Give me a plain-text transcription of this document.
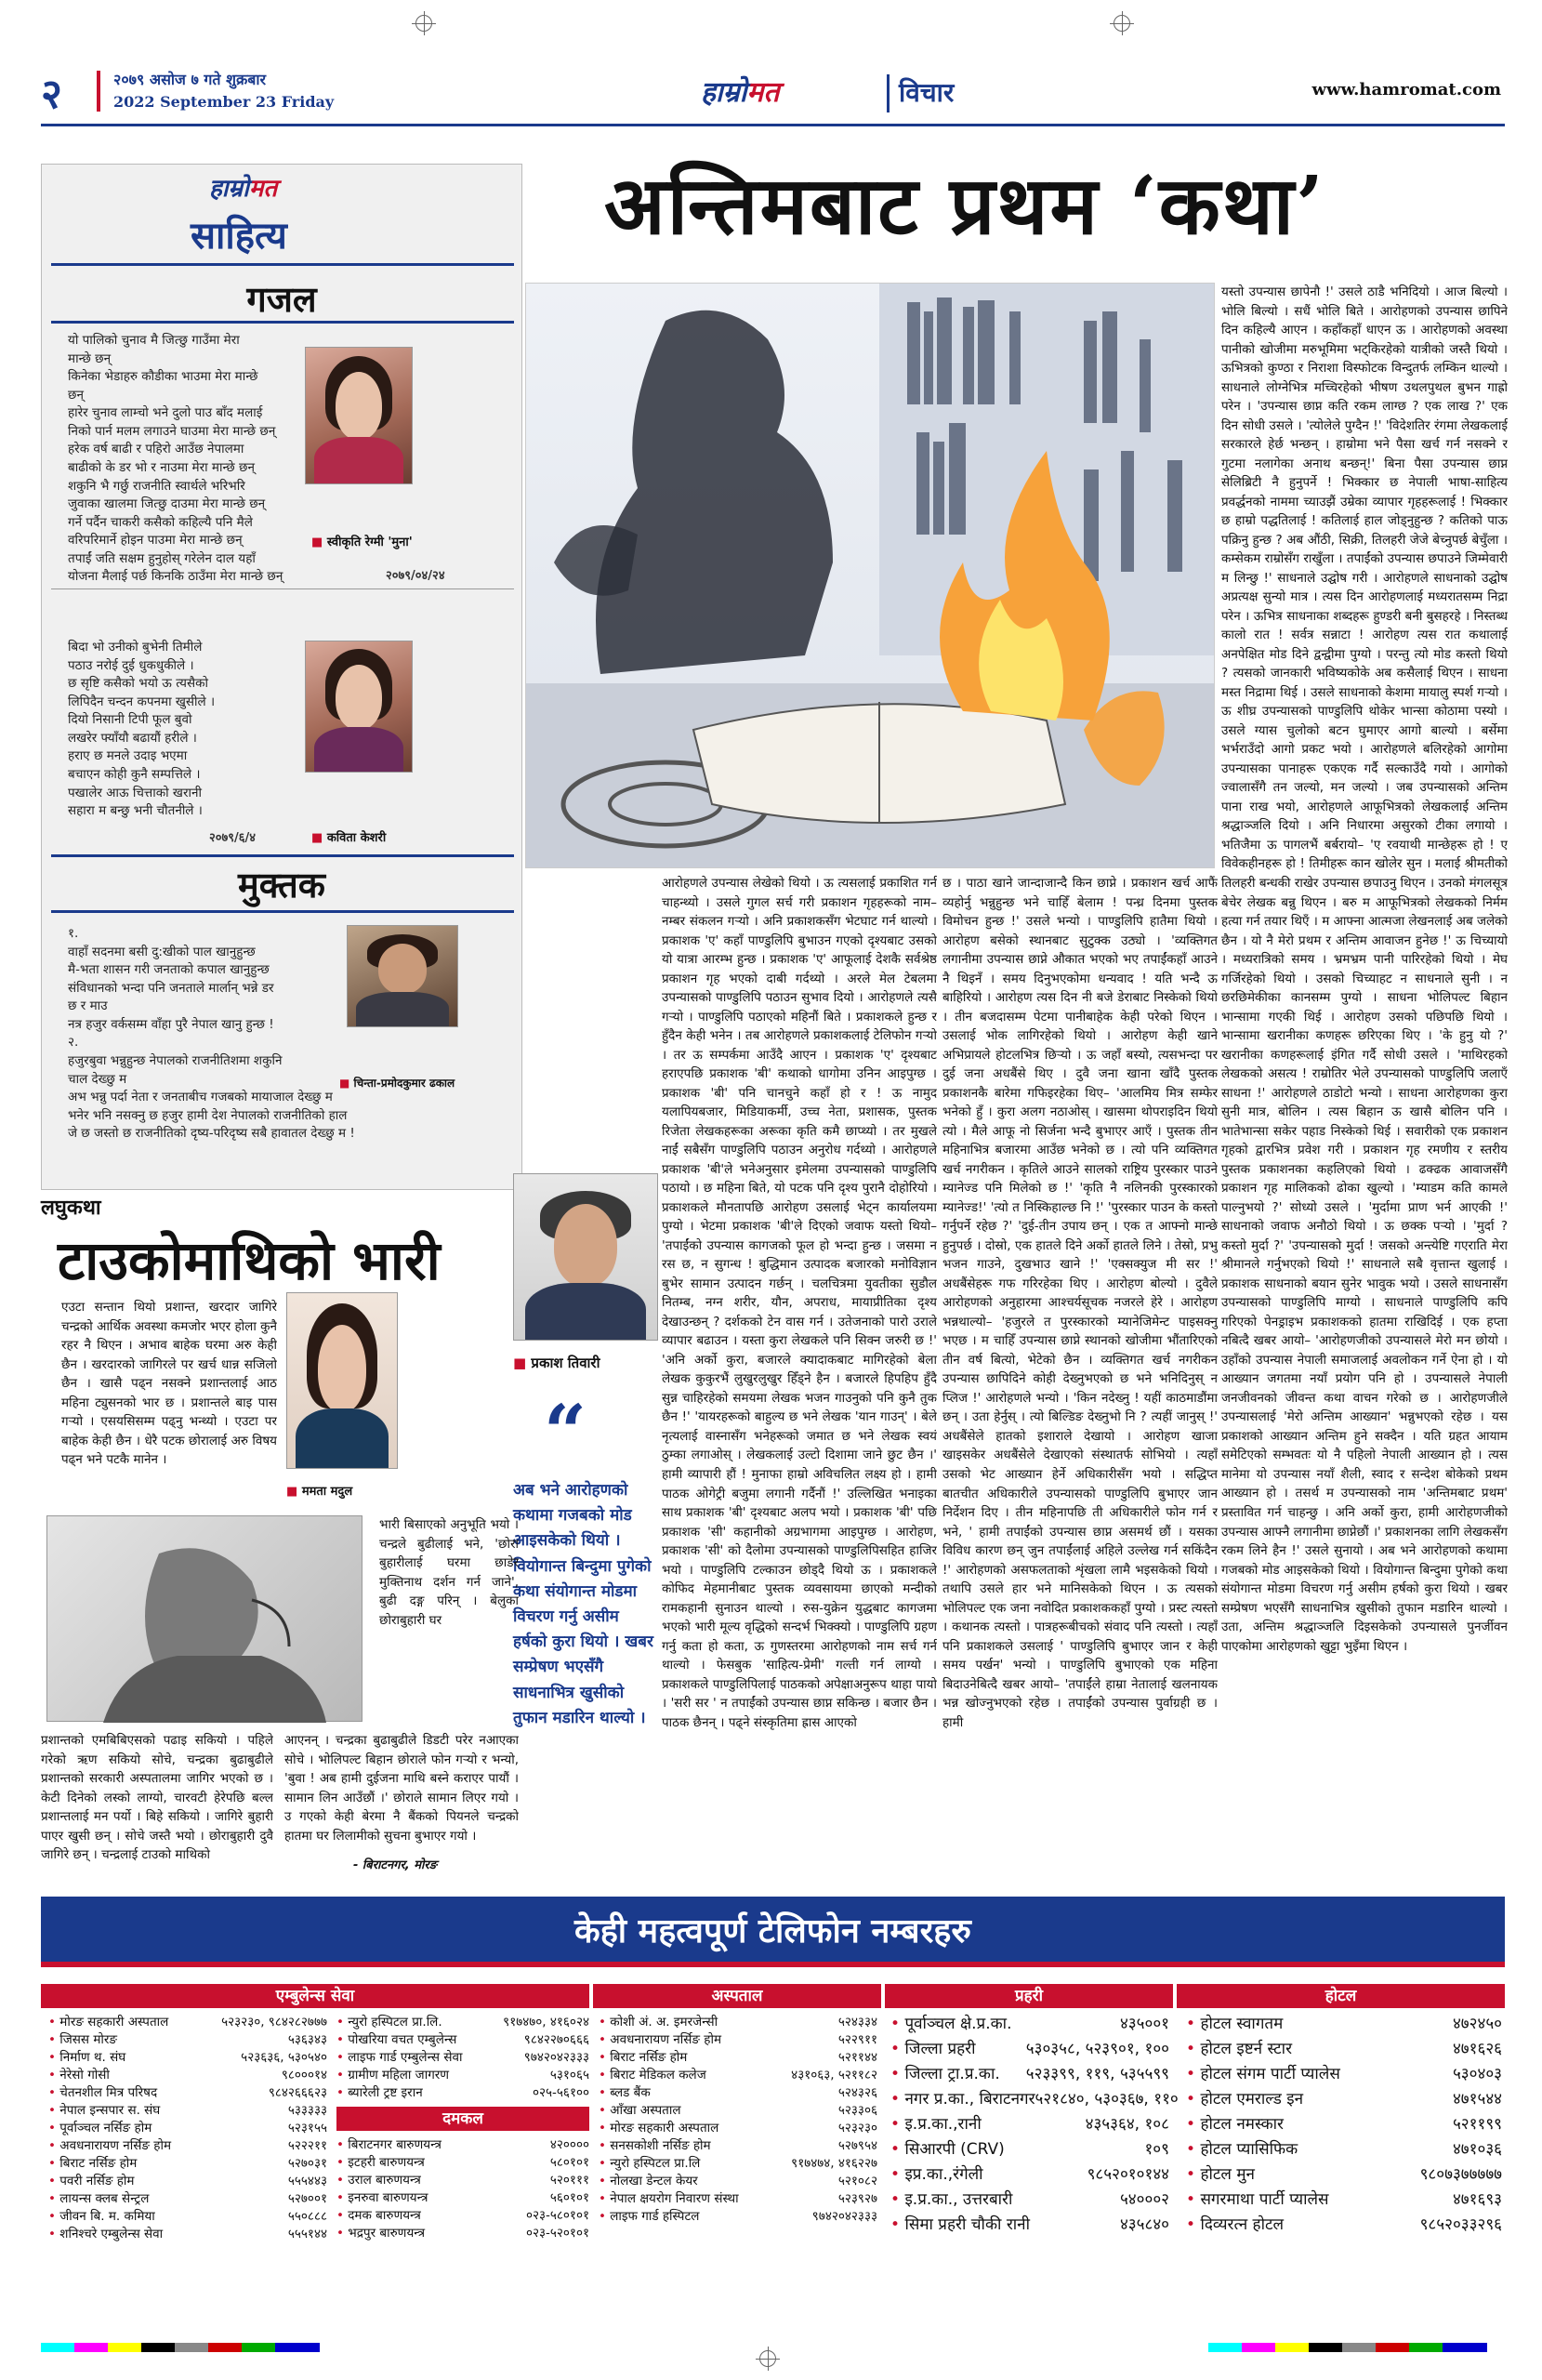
२	२०७९ असोज ७ गते शुक्रबार
2022 September 23 Friday	हाम्रोमत	विचार	www.hamromat.com
हाम्रोमत
साहित्य
गजल
यो पालिको चुनाव मै जित्छु गाउँमा मेरा
मान्छे छन्
किनेका भेडाहरु कौडीका भाउमा मेरा मान्छे
छन्
हारेर चुनाव लाम्चो भने दुलो पाउ बाँद मलाई
निको पार्न मलम लगाउने घाउमा मेरा मान्छे छन्
हरेक वर्ष बाढी र पहिरो आउँछ नेपालमा
बाढीको के डर भो र नाउमा मेरा मान्छे छन्
शकुनि भै गर्छु राजनीति स्वार्थले भरिभरि
जुवाका खालमा जित्छु दाउमा मेरा मान्छे छन्
गर्ने पर्दैन चाकरी कसैको कहिल्यै पनि मैले
वरिपरिमार्ने होइन पाउमा मेरा मान्छे छन्
तपाईं जति सक्षम हुनुहोस् गरेलेन दाल यहाँ
योजना मैलाई पर्छ किनकि ठाउँमा मेरा मान्छे छन्
■ स्वीकृति रेग्मी 'मुना'
२०७९/०४/२४
बिदा भो उनीको बुभेनी तिमीले
पठाउ नरोई दुई धुकधुकीले ।
छ सृष्टि कसैको भयो ऊ त्यसैको
लिपिदैन चन्दन कपनमा खुसीले ।
दियो निसानी टिपी फूल बुवो
लखरेर फ्याँयौ बढायौं हरीले ।
हराए छ मनले उदाइ भएमा
बचाएन कोही कुनै सम्पत्तिले ।
पखालेर आऊ चित्ताको खरानी
सहारा म बन्छु भनी चौतनीले ।
■ कविता केशरी
२०७९/६/४
मुक्तक
१.
वाहाँ सदनमा बसी दु:खीको पाल खानुहुन्छ
मै-भता शासन गरी जनताको कपाल खानुहुन्छ
संविधानको भन्दा पनि जनताले मार्लान् भन्ने डर
छ र माउ
नत्र हजुर वर्कसम्म वाँहा पुरै नेपाल खानु हुन्छ !
२.
हजुरबुवा भन्नुहुन्छ नेपालको राजनीतिशमा शकुनि
चाल देख्छु म
अभ भन्नु पर्दा नेता र जनताबीच गजबको मायाजाल देख्छु म
भनेर भनि नसक्नु छ हजुर हामी देश नेपालको राजनीतिको हाल
जे छ जस्तो छ राजनीतिको दृष्य-परिदृष्य सबै हावातल देख्छु म !
■ चिन्ता-प्रमोदकुमार ढकाल
अन्तिमबाट प्रथम ‘कथा’
यस्तो उपन्यास छापेनौ !' उसले ठाडै भनिदियो । आज बिल्यो । भोलि बिल्यो । सधैं भोलि बिते । आरोहणको उपन्यास छापिने दिन कहिल्यै आएन । कहाँकहाँ धाएन ऊ । आरोहणको अवस्था पानीको खोजीमा मरुभूमिमा भट्किरहेको यात्रीको जस्तै थियो । ऊभित्रको कुण्ठा र निराशा विस्फोटक विन्दुतर्फ लम्किन थाल्यो । साधनाले लोग्नेभित्र मच्चिरहेको भीषण उथलपुथल बुभन गाह्रो परेन । 'उपन्यास छाप्न कति रकम लाग्छ ? एक लाख ?' एक दिन सोधी उसले । 'त्योलेले पुग्दैन !' 'विदेशतिर रंगमा लेखकलाई सरकारले हेर्छ भन्छन् । हाम्रोमा भने पैसा खर्च गर्न नसक्ने र गुटमा नलागेका अनाथ बन्छन्!' बिना पैसा उपन्यास छाप्न सेलिब्रिटी नै हुनुपर्ने ! भिक्कार छ नेपाली भाषा-साहित्य प्रवर्द्धनको नाममा च्याउझैं उम्रेका व्यापार गृहहरूलाई ! भिक्कार छ हाम्रो पद्धतिलाई ! कतिलाई हाल जोड्नुहुन्छ ? कतिको पाऊ पक्रिनु हुन्छ ? अब औंठी, सिक्री, तिलहरी जेजे बेच्नुपर्छ बेचुँला । कम्सेकम राम्रोसँग राखुँला । तपाईंको उपन्यास छपाउने जिम्मेवारी म लिन्छु !' साधनाले उद्घोष गरी । आरोहणले साधनाको उद्घोष अप्रत्यक्ष सुन्यो मात्र । त्यस दिन आरोहणलाई मध्यरातसम्म निद्रा परेन । ऊभित्र साधनाका शब्दहरू हुण्डरी बनी बुसहरहे । निस्तब्ध कालो रात ! सर्वत्र सन्नाटा ! आरोहण त्यस रात कथालाई अनपेक्षित मोड दिने द्वन्द्वीमा पुग्यो । परन्तु त्यो मोड कस्तो थियो ? त्यसको जानकारी भविष्यकोके अब कसैलाई थिएन । साधना मस्त निद्रामा थिई । उसले साधनाको केशमा मायालु स्पर्श गऱ्यो । ऊ शीघ्र उपन्यासको पाण्डुलिपि थोकेर भान्सा कोठामा पस्यो । उसले ग्यास चुलोको बटन घुमाएर आगो बाल्यो । बर्सेमा भर्भराउँदो आगो प्रकट भयो । आरोहणले बलिरहेको आगोमा उपन्यासका पानाहरू एकएक गर्दै सल्काउँदै गयो । आगोको ज्वालासँगै तन जल्यो, मन जल्यो । जब उपन्यासको अन्तिम पाना राख भयो, आरोहणले आफूभित्रको लेखकलाई अन्तिम श्रद्धाञ्जलि दियो । अनि निधारमा असुरको टीका लगायो । भतिजैमा ऊ पागलभैं बर्बरायो– 'ए रवयाथी मान्छेहरू हो ! ए विवेकहीनहरू हो ! तिमीहरू कान खोलेर सुन । मलाई श्रीमतीको तिलहरी बन्धकी राखेर उपन्यास छपाउनु थिएन । उनको मंगलसूत्र बेचेर लेखक बन्नु थिएन । बरु म आफूभित्रको लेखकको निर्मम हत्या गर्न तयार थिएँ । म आफ्ना आत्मजा लेखनलाई अब जलेको छैन । यो नै मेरो प्रथम र अन्तिम आवाजन हुनेछ !' ऊ चिच्यायो । मध्यरात्रिको समय । भ्रमभ्रम पानी पारिरहेको थियो । मेघ गर्जिरहेको थियो । उसको चिच्याहट न साधनाले सुनी । न छरछिमेकीका कानसम्म पुग्यो । साधना भोलिपल्ट बिहान भान्सामा गएकी थिई । आरोहण उसको पछिपछि थियो । भान्सामा खरानीका कणहरू छरिएका थिए । 'के हुनु यो ?' खरानीका कणहरूलाई इंगित गर्दै सोधी उसले । 'माथिरहको लेखकको असत्य ! राम्रोतिर भेले उपन्यासको पाण्डुलिपि जलाएँ साधना !' आरोहणले ठाडोटो भन्यो । साधना आरोहणका कुरा सुनी मात्र, बोलिन । त्यस बिहान ऊ खासै बोलिन पनि । भातेभान्सा सकेर पहाड निस्केको थिई । सवारीको एक प्रकाशन गृहको द्वारभित्र प्रवेश गरी । प्रकाशन गृह रमणीय र स्तरीय पुस्तक प्रकाशनका कहलिएको थियो । ढक्ढक आवाजसँगै प्रकाशन गृह मालिकको ढोका खुल्यो । 'म्याडम कति कामले पाल्नुभयो ?' सोध्यो उसले । 'मुर्दामा प्राण भर्न आएकी !' साधनाको जवाफ अनौठो थियो । ऊ छक्क पऱ्यो । 'मुर्दा ? कस्तो मुर्दा ?' 'उपन्यासको मुर्दा ! जसको अन्त्येष्टि गएराति मेरा श्रीमानले गर्नुभएको थियो !' साधनाले सबै वृत्तान्त खुलाई । प्रकाशक साधनाको बयान सुनेर भावुक भयो । उसले साधनासँग उपन्यासको पाण्डुलिपि माग्यो । साधनाले पाण्डुलिपि कपि गरिएको पेनड्राइभ प्रकाशकको हातमा राखिदिई । एक हप्ता नबित्दै खबर आयो– 'आरोहणजीको उपन्यासले मेरो मन छोयो । उहाँको उपन्यास नेपाली समाजलाई अवलोकन गर्ने ऐना हो । यो आख्यान जगतमा नयाँ प्रयोग पनि हो । उपन्यासले नेपाली जनजीवनको जीवन्त कथा वाचन गरेको छ । आरोहणजीले उपन्यासलाई 'मेरो अन्तिम आख्यान' भन्नुभएको रहेछ । यस प्रकाशको आख्यान अन्तिम हुने सक्दैन । यति ग्रहत आयाम समेटिएको सम्भवतः यो नै पहिलो नेपाली आख्यान हो । त्यस मानेमा यो उपन्यास नयाँ शैली, स्वाद र सन्देश बोकेको प्रथम आख्यान हो । तसर्थ म उपन्यासको नाम 'अन्तिमबाट प्रथम' प्रस्तावित गर्न चाहन्छु । अनि अर्को कुरा, हामी आरोहणजीको उपन्यास आफ्नै लगानीमा छाप्नेछौं ।' प्रकाशनका लागि लेखकसँग रकम लिने हैन !' उसले सुनायो । अब भने आरोहणको कथामा गजबको मोड आइसकेको थियो । वियोगान्त बिन्दुमा पुगेको कथा संयोगान्त मोडमा विचरण गर्नु असीम हर्षको कुरा थियो । खबर सम्प्रेषण भएसँगै साधनाभित्र खुसीको तुफान मडारिन थाल्यो । उता, अन्तिम श्रद्धाञ्जलि दिइसकेको उपन्यासले पुनर्जीवन पाएकोमा आरोहणको खुट्टा भुइँमा थिएन ।
आरोहणले उपन्यास लेखेको थियो । ऊ त्यसलाई प्रकाशित गर्न चाहन्थ्यो । उसले गुगल सर्च गरी प्रकाशन गृहहरूको नाम–नम्बर संकलन गऱ्यो । अनि प्रकाशकसँग भेटघाट गर्न थाल्यो । प्रकाशक 'ए' कहाँ पाण्डुलिपि बुभाउन गएको दृश्यबाट उसको यो यात्रा आरम्भ हुन्छ । प्रकाशक 'ए' आफूलाई देशकै सर्वश्रेष्ठ प्रकाशन गृह भएको दाबी गर्दथ्यो । अरले मेल टेबलमा उपन्यासको पाण्डुलिपि पठाउन सुभाव दियो । आरोहणले त्यसै गऱ्यो । पाण्डुलिपि पठाएको महिनौं बिते । प्रकाशकले हुन्छ र हुँदैन केही भनेन । तब आरोहणले प्रकाशकलाई टेलिफोन गऱ्यो । तर ऊ सम्पर्कमा आउँदै आएन । प्रकाशक 'ए' दृश्यबाट हराएपछि प्रकाशक 'बी' कथाको धागोमा उनिन आइपुग्छ । प्रकाशक 'बी' पनि चानचुने कहाँ हो र ! ऊ नामुद यलापियबजार, मिडियाकर्मी, उच्च नेता, प्रशासक, पुस्तक रिजेता लेखकहरूका अरूका कृति कमै छाप्थ्यो । तर मुखले नाईं सबैसँग पाण्डुलिपि पठाउन अनुरोध गर्दथ्यो । आरोहणले प्रकाशक 'बी'ले भनेअनुसार इमेलमा उपन्यासको पाण्डुलिपि पठायो । छ महिना बिते, यो पटक पनि दृश्य पुरानै दोहोरियो । प्रकाशकले मौनतापछि आरोहण उसलाई भेट्न कार्यालयमा पुग्यो । भेटमा प्रकाशक 'बी'ले दिएको जवाफ यस्तो थियो– 'तपाईंको उपन्यास कागजको फूल हो भन्दा हुन्छ । जसमा न रस छ, न सुगन्ध ! बुद्धिमान उत्पादक बजारको मनोविज्ञान बुभेर सामान उत्पादन गर्छन् । चलचित्रमा युवतीका सुडौल नितम्ब, नग्न शरीर, यौन, अपराध, मायाप्रीतिका दृश्य देखाउन्छन् ? दर्शकको टेन वास गर्न । उतेजनाको पारो उराले व्यापार बढाउन । यस्ता कुरा लेखकले पनि सिक्न जरुरी छ !' 'अनि अर्को कुरा, बजारले क्यादाकबाट मागिरहेको बेला लेखक कुकुरभैं लुखुरलुखुर हिँड्ने हैन । बजारले हिपहिप हुँदै सुन्न चाहिरहेको समयमा लेखक भजन गाउनुको पनि कुनै तुक छैन !' 'यायरहरूको बाहुल्य छ भने लेखक 'यान गाउन्' । बेले नृत्यलाई वास्नासँग भनेहरूको जमात छ भने लेखक स्वयं ठुम्का लगाओस् । लेखकलाई उल्टो दिशामा जाने छुट छैन ।' हामी व्यापारी हौं ! मुनाफा हाम्रो अविचलित लक्ष्य हो । हामी पाठक ओगेट्री बजुमा लगानी गर्दैनौं !' उल्लिखित भनाइका साथ प्रकाशक 'बी' दृश्यबाट अलप भयो । प्रकाशक 'बी' पछि प्रकाशक 'सी' कहानीको अग्रभागमा आइपुग्छ । आरोहण, प्रकाशक 'सी' को दैलोमा उपन्यासको पाण्डुलिपिसहित हाजिर भयो । पाण्डुलिपि टल्काउन छोड्दै थियो ऊ । प्रकाशकले कोफिद मेहमानीबाट पुस्तक व्यवसायमा छाएको मन्दीको रामकहानी सुनाउन थाल्यो । रुस-युक्रेन युद्धबाट कागजमा भएको भारी मूल्य वृद्धिको सन्दर्भ भिक्क्यो । पाण्डुलिपि ग्रहण गर्नु कता हो कता, ऊ गुणस्तरमा आरोहणको नाम सर्च गर्न थाल्यो । फेसबुक 'साहित्य-प्रेमी' गल्ती गर्न लाग्यो । प्रकाशकले पाण्डुलिपिलाई पाठकको अपेक्षाअनुरूप थाहा पायो । 'सरी सर ' न तपाईंको उपन्यास छाप्न सकिन्छ । बजार छैन । पाठक छैनन् । पढ्ने संस्कृतिमा ह्रास आएको
छ । पाठा खाने जान्दाजान्दै किन छाप्ने । प्रकाशन खर्च आफैं व्यहोर्नु भन्नुहुन्छ भने चाहिँ बेलाम ! पन्ध्र दिनमा पुस्तक विमोचन हुन्छ !' उसले भन्यो । पाण्डुलिपि हातैमा थियो । आरोहण बसेको स्थानबाट सुटुक्क उठ्यो । 'व्यक्तिगत लगानीमा उपन्यास छाप्ने औकात भएको भए तपाईंकहाँ आउने नै थिइनँ । समय दिनुभएकोमा धन्यवाद ! यति भन्दै ऊ बाहिरियो । आरोहण त्यस दिन नी बजे डेराबाट निस्केको थियो । तीन बजदासम्म पेटमा पानीबाहेक केही परेको थिएन । उसलाई भोक लागिरहेको थियो । आरोहण केही खाने अभिप्रायले होटलभित्र छिऱ्यो । ऊ जहाँ बस्यो, त्यसभन्दा पर दुई जना अधबैंसे थिए । दुवै जना खाना खाँदै पुस्तक प्रकाशनकै बारेमा गफिइरहेका थिए– 'आलमिय मित्र सम्फेर भनेको हुँ । कुरा अलग नठाओस् । खासमा थोपराइदिन थियो त्यो । मैले आफू नो सिर्जना भन्दै बुभाएर आएँ । पुस्तक तीन महिनाभित्र बजारमा आउँछ भनेको छ । त्यो पनि व्यक्तिगत खर्च नगरीकन । कृतिले आउने सालको राष्ट्रिय पुरस्कार पाउने म्यानेज्ड पनि मिलेको छ !' 'कृति नै नलिनकी पुरस्कारको म्यानेज्ड!' 'त्यो त निस्किहाल्छ नि !' 'पुरस्कार पाउन के कस्तो गर्नुपर्ने रहेछ ?' 'दुई-तीन उपाय छन् । एक त आफ्नो मान्छे हुनुपर्छ । दोस्रो, एक हातले दिने अर्को हातले लिने । तेस्रो, प्रभु भजन गाउने, दुखभाउ खाने !' 'एक्सक्युज मी सर !' अधबैंसेहरू गफ गरिरहेका थिए । आरोहण बोल्यो । दुवैले आरोहणको अनुहारमा आश्चर्यसूचक नजरले हेरे । आरोहण भन्नथाल्यो– 'हजुरले त पुरस्कारको म्यानेजिमेन्ट पाइसक्नु भएछ । म चाहिँ उपन्यास छाप्ने स्थानको खोजीमा भौंतारिएको तीन वर्ष बित्यो, भेटेको छैन । व्यक्तिगत खर्च नगरीकन उपन्यास छापिदिने कोही देख्नुभएको छ भने भनिदिनुस् न प्लिज !' आरोहणले भन्यो । 'किन नदेख्नु ! यहीं काठमाडौंमा छन् । उता हेर्नुस् । त्यो बिल्डिङ देख्नुभो नि ? त्यहीं जानुस् !' अधबैंसेले हातको इशाराले देखायो । आरोहण खाजा खाइसकेर अधबैंसेले देखाएको संस्थातर्फ सोभियो । त्यहाँ उसको भेट आख्यान हेर्ने अधिकारीसँग भयो । सद्धिप्त बातचीत अधिकारीले उपन्यासको पाण्डुलिपि बुभाएर जान निर्देशन दिए । तीन महिनापछि ती अधिकारीले फोन गर्न र भने, ' हामी तपाईंको उपन्यास छाप्न असमर्थ छौं । यसका विविध कारण छन् जुन तपाईंलाई अहिले उल्लेख गर्न सकिंदैन !' आरोहणको असफलताको शृंखला लामै भइसकेको थियो । तथापि उसले हार भने मानिसकेको थिएन । ऊ त्यसको भोलिपल्ट एक जना नवोदित प्रकाशककहाँ पुग्यो । प्रस्ट त्यस्तो । कथानक त्यस्तो । पात्रहरूबीचको संवाद पनि त्यस्तो । त्यहाँ पनि प्रकाशकले उसलाई ' पाण्डुलिपि बुभाएर जान र केही समय पर्खन' भन्यो । पाण्डुलिपि बुभाएको एक महिना बिदाउनेबित्दै खबर आयो– 'तपाईंले हाम्रा नेतालाई खलनायक भन्न खोज्नुभएको रहेछ । तपाईंको उपन्यास पुर्वाग्रही छ । हामी
■ प्रकाश तिवारी
“
अब भने आरोहणको कथामा गजबको मोड आइसकेको थियो । वियोगान्त बिन्दुमा पुगेको कथा संयोगान्त मोडमा विचरण गर्नु असीम हर्षको कुरा थियो । खबर सम्प्रेषण भएसँगै साधनाभित्र खुसीको तुफान मडारिन थाल्यो ।
लघुकथा
टाउकोमाथिको भारी
एउटा सन्तान थियो प्रशान्त, खरदार जागिरे चन्द्रको आर्थिक अवस्था कमजोर भएर होला कुनै रहर नै थिएन । अभाव बाहेक घरमा अरु केही छैन । खरदारको जागिरले पर खर्च धान्न सजिलो छैन । खासै पढ्न नसक्ने प्रशान्तलाई आठ महिना ट्युसनको भार छ । प्रशान्तले बाइ पास गऱ्यो । एसयसिसम्म पढ्नु भन्थ्यो । एउटा पर बाहेक केही छैन । धेरै पटक छोरालाई अरु विषय पढ्न भने पटकै मानेन ।
■ ममता मदुल
भारी बिसाएको अनुभूति भयो । चन्द्रले बुढीलाई भने, 'छोरा बुहारीलाई घरमा छाडेर मुक्तिनाथ दर्शन गर्न जाने', बुढी दङ्ग परिन् । बेलुका छोराबुहारी घर
प्रशान्तको एमबिबिएसको पढाइ सकियो । पहिले गरेको ऋण सकियो सोचे, चन्द्रका बुढाबुढीले प्रशान्तको सरकारी अस्पतालमा जागिर भएको छ । केटी दिनेको लस्को लाग्यो, चारवटी हेरेपछि बल्ल प्रशान्तलाई मन पर्यो । बिहे सकियो । जागिरे बुहारी पाएर खुसी छन् । सोचे जस्तै भयो । छोराबुहारी दुवै जागिरे छन् । चन्द्रलाई टाउको माथिको
आएनन् । चन्द्रका बुढाबुढीले डिडटी परेर नआएका सोचे । भोलिपल्ट बिहान छोराले फोन गऱ्यो र भन्यो, 'बुवा ! अब हामी दुईजना माथि बस्ने कराएर पायौं । सामान लिन आउँछौं ।' छोराले सामान लिएर गयो । उ गएको केही बेरमा नै बैंकको पियनले चन्द्रको हातमा घर लिलामीको सुचना बुभाएर गयो ।
- बिराटनगर, मोरङ
केही महत्वपूर्ण टेलिफोन नम्बरहरु
एम्बुलेन्स सेवा	अस्पताल	प्रहरी	होटल
• मोरङ सहकारी अस्पताल	५२३२३०, ९८४२८२७७७
• जिसस मोरङ	५३६३४३
• निर्माण थ. संघ	५२३६३६, ५३०५४०
• नेरेसो गोसी	९८०००१४
• चेतनशील मित्र परिषद	९८४२६६६२३
• नेपाल इन्सपार स. संघ	५३३३३३
• पूर्वाञ्चल नर्सिङ होम	५२३१५५
• अवधनारायण नर्सिङ होम	५२२२११
• बिराट नर्सिङ होम	५२७०३१
• पवरी नर्सिङ होम	५५५४४३
• लायन्स क्लब सेन्ट्रल	५२७००१
• जीवन बि. म. कमिया	५५०८८८
• शनिश्चरे एम्बुलेन्स सेवा	५५५१४४
• न्युरो हस्पिटल प्रा.लि.	९१७४७०, ४१६०२४
• पोखरिया वचत एम्बुलेन्स	९८४२२७०६६६
• लाइफ गार्ड एम्बुलेन्स सेवा	९७४२०४२३३३
• ग्रामीण महिला जागरण	५३१०६५
• ब्यारेली ट्रष्ट इरान	०२५-५६१००
दमकल
• बिराटनगर बारुणयन्त्र	४२००००
• इटहरी बारुणयन्त्र	५८०१०१
• उराल बारुणयन्त्र	५२०१११
• इनरुवा बारुणयन्त्र	५६०१०१
• दमक बारुणयन्त्र	०२३-५८०१०१
• भद्रपुर बारुणयन्त्र	०२३-५२०१०१
• कोशी अं. अ. इमरजेन्सी	५२४३३४
• अवधनारायण नर्सिङ होम	५२२९११
• बिराट नर्सिङ होम	५२११४४
• बिराट मेडिकल कलेज	४३१०६३, ५२११८२
• ब्लड बैंक	५२४३२६
• आँखा अस्पताल	५२३३०६
• मोरङ सहकारी अस्पताल	५२३२३०
• सनसकोशी नर्सिङ होम	५२७९५४
• न्युरो हस्पिटल प्रा.लि	९१७४७४, ४१६२२७
• नोलखा डेन्टल केयर	५२१०८२
• नेपाल क्षयरोग निवारण संस्था	५२३९२७
• लाइफ गार्ड हस्पिटल	९७४२०४२३३३
• पूर्वाञ्चल क्षे.प्र.का.	४३५००१
• जिल्ला प्रहरी	५३०३५८, ५२३९०१, १००
• जिल्ला ट्रा.प्र.का. ५२३३९९, ११९, ५३५५९९
• नगर प्र.का., बिराटनगर ५२१८४०, ५३०३६७, ११०
• इ.प्र.का.,रानी	४३५३६४, १०८
• सिआरपी (CRV)	१०९
• इप्र.का.,रंगेली	९८५२०१०१४४
• इ.प्र.का., उत्तरबारी	५४०००२
• सिमा प्रहरी चौकी रानी	४३५८४०
• होटल स्वागतम	४७२४५०
• होटल इष्टर्न स्टार	४७१६२६
• होटल संगम पार्टी प्यालेस	५३०४०३
• होटल एमराल्ड इन	४७१५४४
• होटल नमस्कार	५२११९९
• होटल प्यासिफिक	४७१०३६
• होटल मुन	९८०७३७७७७७
• सगरमाथा पार्टी प्यालेस	४७१६९३
• दिव्यरत्न होटल	९८५२०३३२९६
